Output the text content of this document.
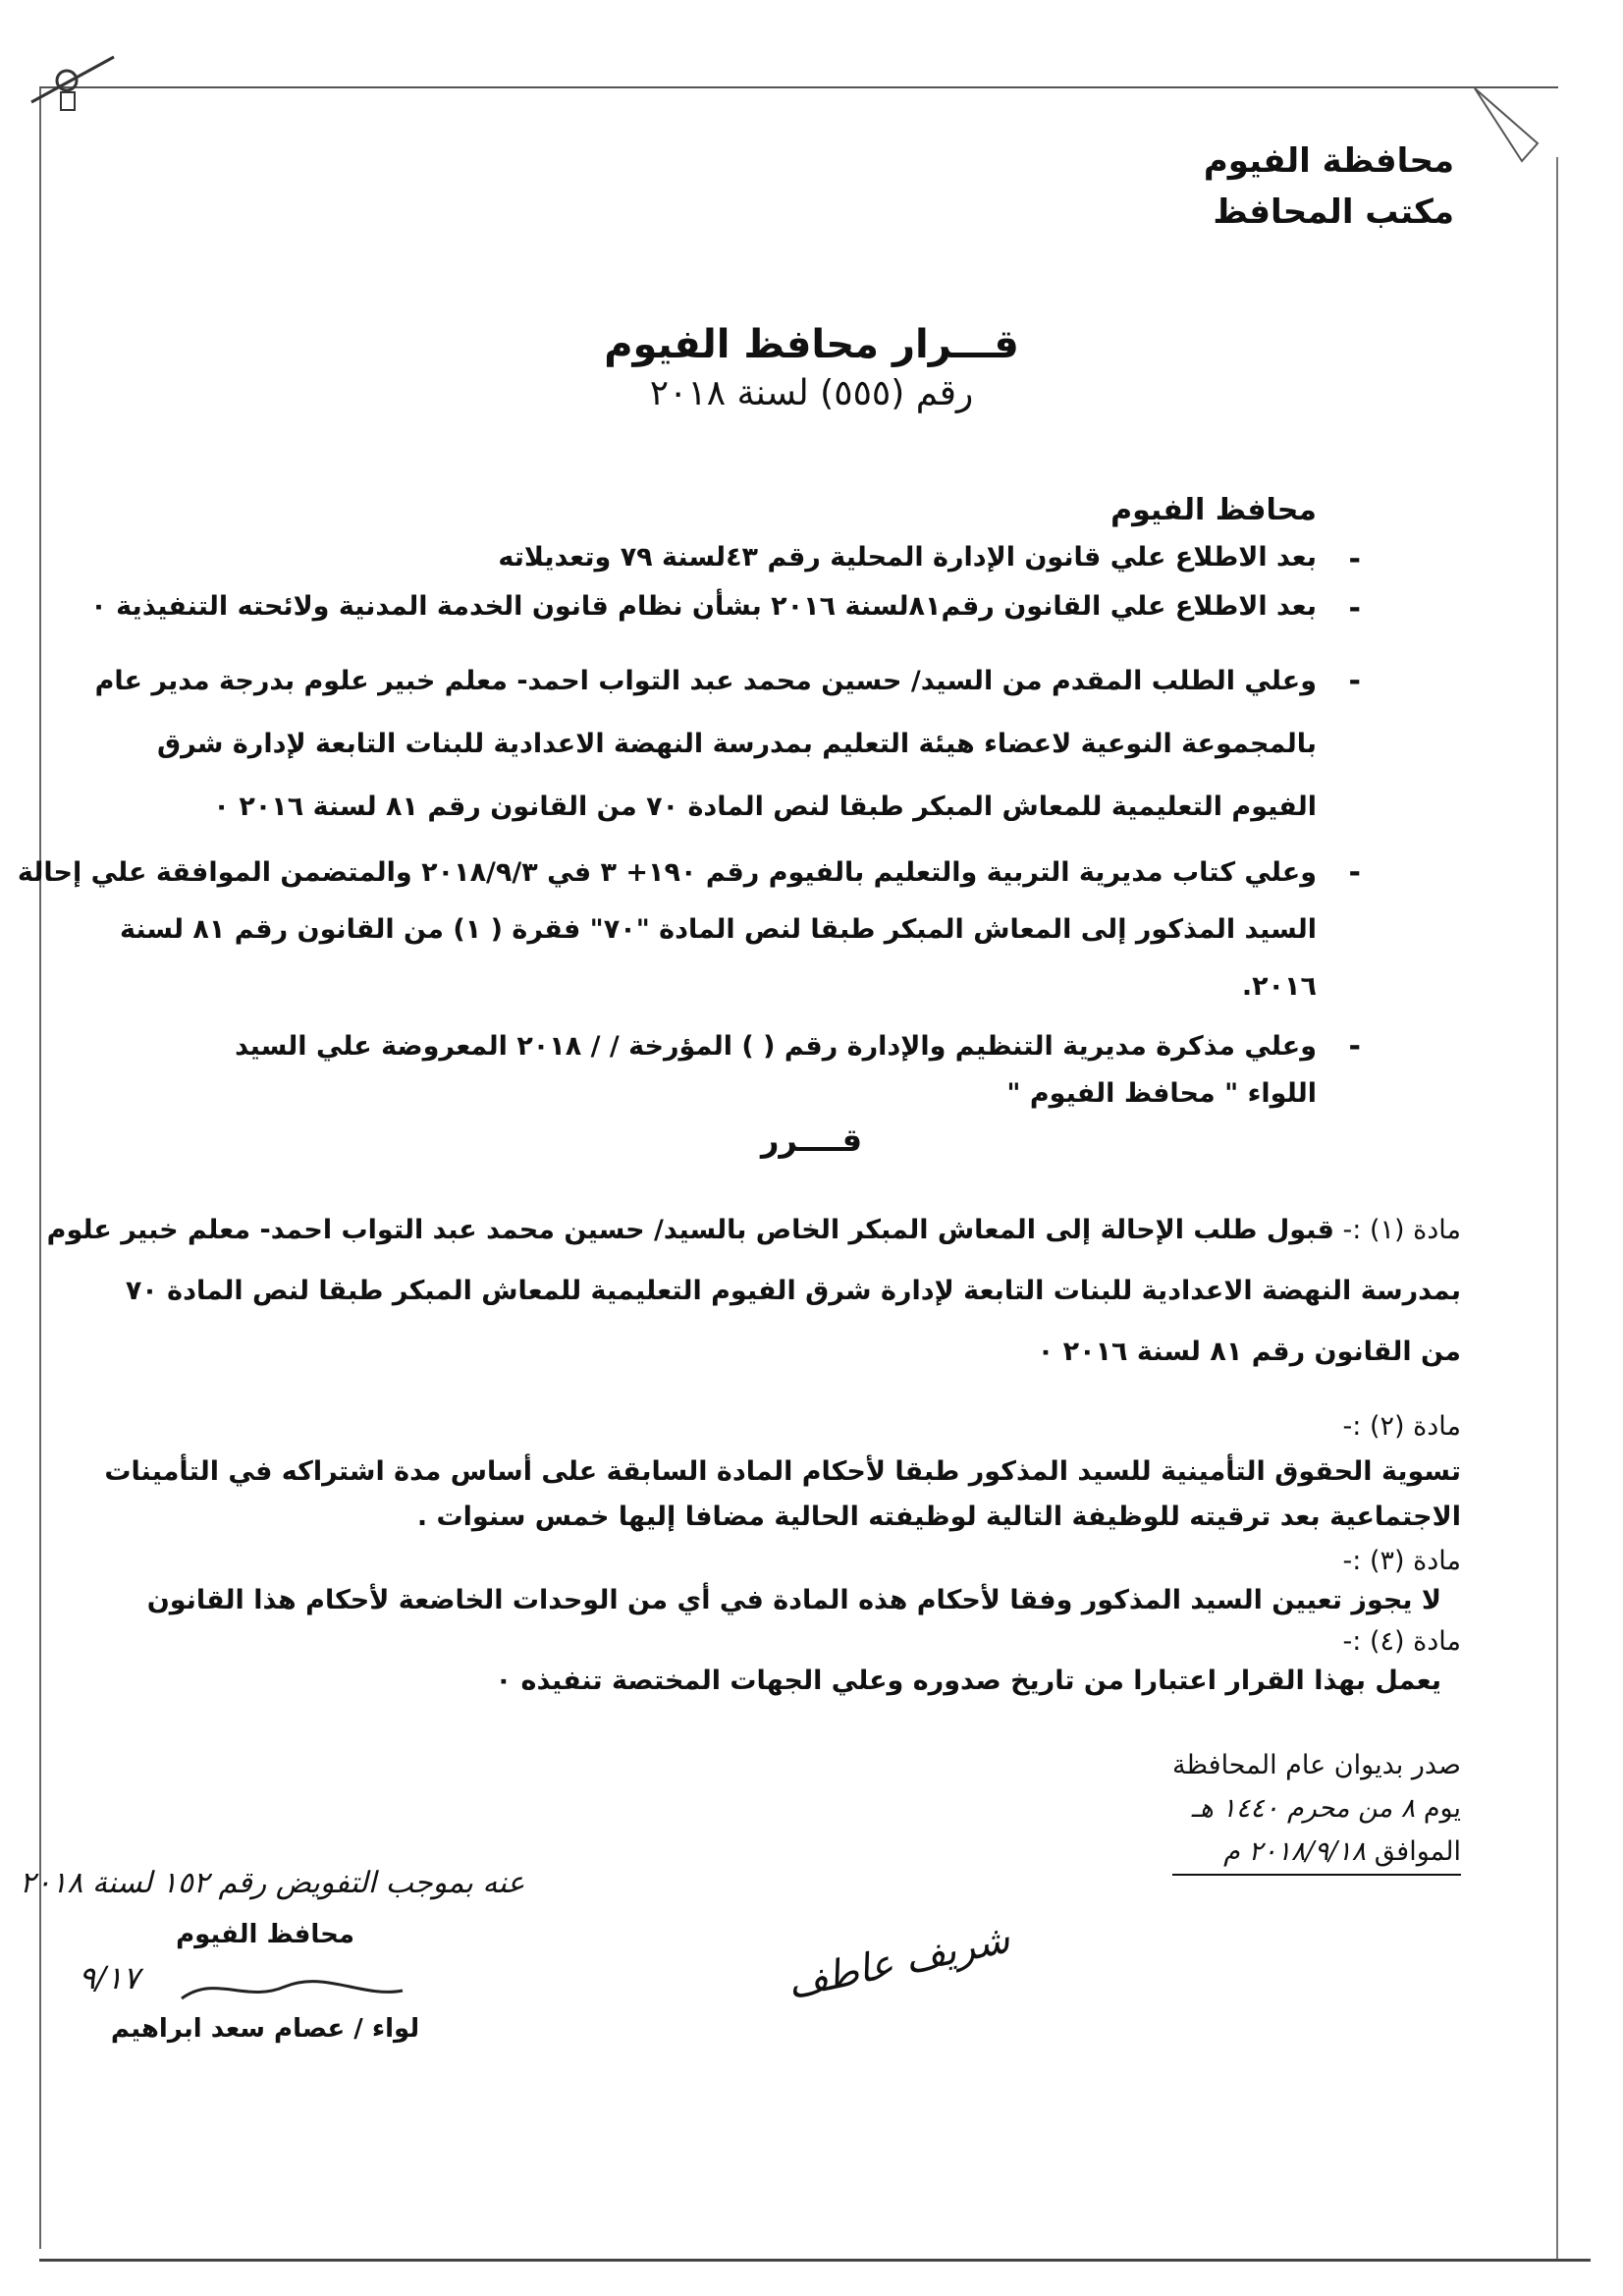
محافظة الفيوم
مكتب المحافظ
قـــرار محافظ الفيوم
رقم (٥٥٥) لسنة ٢٠١٨
محافظ الفيوم
-
بعد الاطلاع علي قانون الإدارة المحلية رقم ٤٣لسنة ٧٩ وتعديلاته
-
بعد الاطلاع علي القانون رقم٨١لسنة ٢٠١٦ بشأن نظام قانون الخدمة المدنية ولائحته التنفيذية ٠
-
وعلي الطلب المقدم من السيد/ حسين محمد عبد التواب احمد- معلم خبير علوم بدرجة مدير عام
بالمجموعة النوعية لاعضاء هيئة التعليم بمدرسة النهضة الاعدادية للبنات التابعة لإدارة شرق
الفيوم التعليمية للمعاش المبكر طبقا لنص المادة ٧٠ من القانون رقم ٨١ لسنة ٢٠١٦ ٠
-
وعلي كتاب مديرية التربية والتعليم بالفيوم رقم ١٩٠+ ٣ في ٢٠١٨/٩/٣ والمتضمن الموافقة علي إحالة
السيد المذكور إلى المعاش المبكر طبقا لنص المادة "٧٠" فقرة ( ١) من القانون رقم ٨١ لسنة
٢٠١٦.
-
وعلي مذكرة مديرية التنظيم والإدارة رقم ( ) المؤرخة / / ٢٠١٨ المعروضة علي السيد
اللواء " محافظ الفيوم "
قــــرر
مادة (١) :- قبول طلب الإحالة إلى المعاش المبكر الخاص بالسيد/ حسين محمد عبد التواب احمد- معلم خبير علوم
بمدرسة النهضة الاعدادية للبنات التابعة لإدارة شرق الفيوم التعليمية للمعاش المبكر طبقا لنص المادة ٧٠
من القانون رقم ٨١ لسنة ٢٠١٦ ٠
مادة (٢) :-
تسوية الحقوق التأمينية للسيد المذكور طبقا لأحكام المادة السابقة على أساس مدة اشتراكه في التأمينات
الاجتماعية بعد ترقيته للوظيفة التالية لوظيفته الحالية مضافا إليها خمس سنوات .
مادة (٣) :-
لا يجوز تعيين السيد المذكور وفقا لأحكام هذه المادة في أي من الوحدات الخاضعة لأحكام هذا القانون
مادة (٤) :-
يعمل بهذا القرار اعتبارا من تاريخ صدوره وعلي الجهات المختصة تنفيذه ٠
صدر بديوان عام المحافظة
يوم ٨ من محرم ١٤٤٠ هـ
الموافق ٢٠١٨/٩/١٨ م
عنه بموجب التفويض رقم ١٥٢ لسنة ٢٠١٨
محافظ الفيوم
٩/١٧
لواء / عصام سعد ابراهيم
شريف عاطف
